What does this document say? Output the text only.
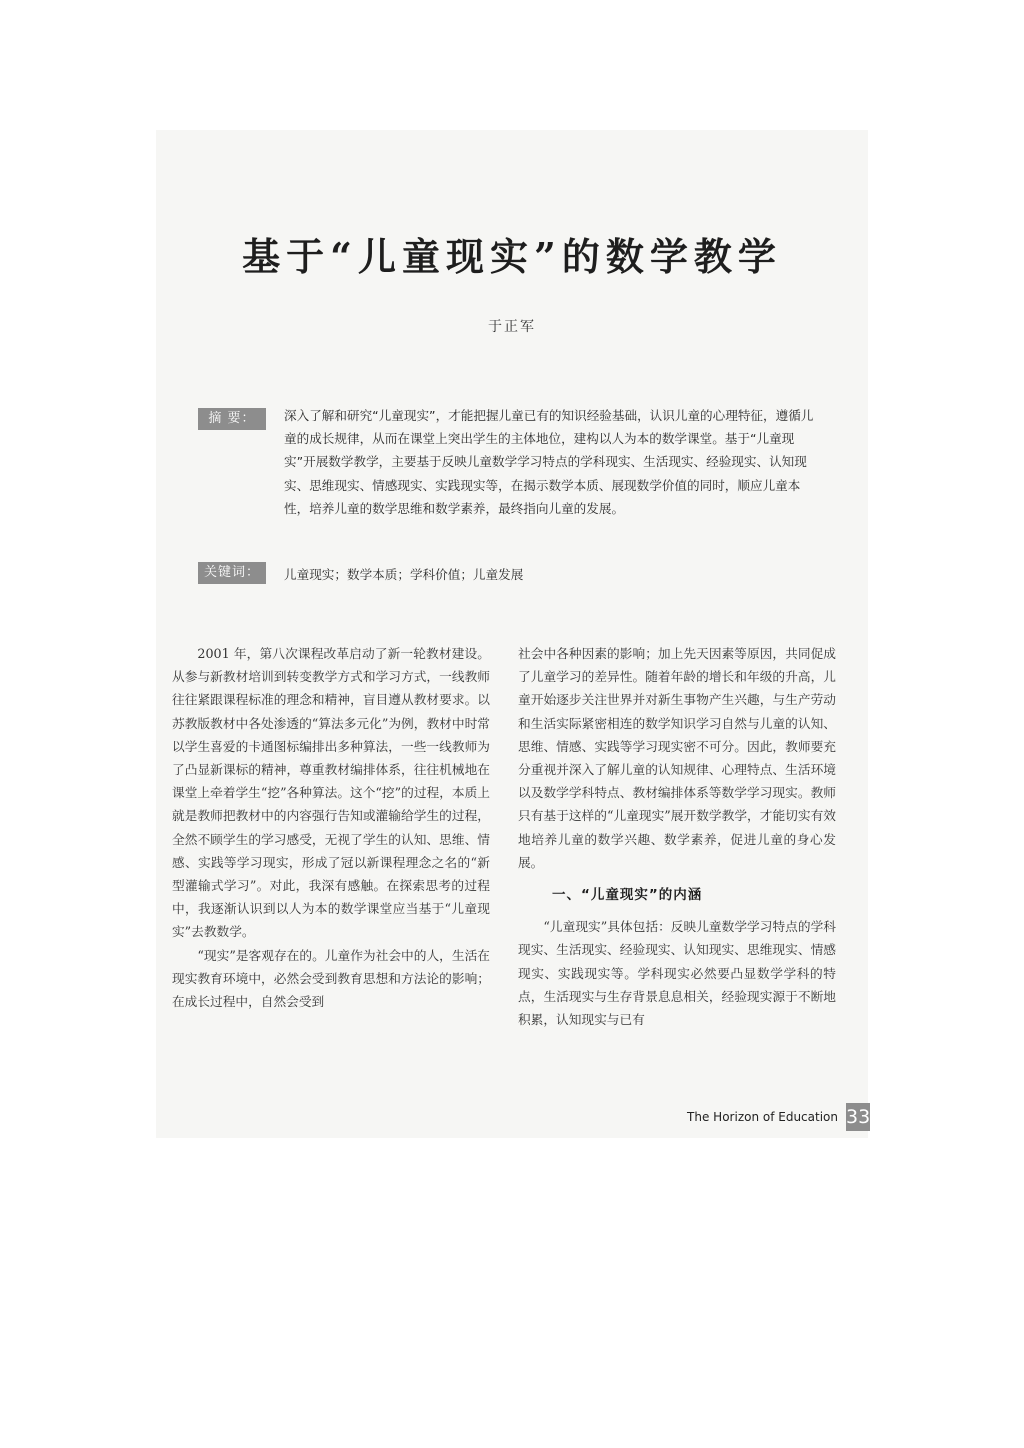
基于“儿童现实”的数学教学
于正军
摘 要：	深入了解和研究“儿童现实”，才能把握儿童已有的知识经验基础，认识儿童的心理特征，遵循儿童的成长规律，从而在课堂上突出学生的主体地位，建构以人为本的数学课堂。基于“儿童现实”开展数学教学，主要基于反映儿童数学学习特点的学科现实、生活现实、经验现实、认知现实、思维现实、情感现实、实践现实等，在揭示数学本质、展现数学价值的同时，顺应儿童本性，培养儿童的数学思维和数学素养，最终指向儿童的发展。
关键词：	儿童现实；数学本质；学科价值；儿童发展

2001 年，第八次课程改革启动了新一轮教材建设。从参与新教材培训到转变教学方式和学习方式，一线教师往往紧跟课程标准的理念和精神，盲目遵从教材要求。以苏教版教材中各处渗透的“算法多元化”为例，教材中时常以学生喜爱的卡通图标编排出多种算法，一些一线教师为了凸显新课标的精神，尊重教材编排体系，往往机械地在课堂上牵着学生“挖”各种算法。这个“挖”的过程，本质上就是教师把教材中的内容强行告知或灌输给学生的过程，全然不顾学生的学习感受，无视了学生的认知、思维、情感、实践等学习现实，形成了冠以新课程理念之名的“新型灌输式学习”。对此，我深有感触。在探索思考的过程中，我逐渐认识到以人为本的数学课堂应当基于“儿童现实”去教数学。

“现实”是客观存在的。儿童作为社会中的人，生活在现实教育环境中，必然会受到教育思想和方法论的影响；在成长过程中，自然会受到

社会中各种因素的影响；加上先天因素等原因，共同促成了儿童学习的差异性。随着年龄的增长和年级的升高，儿童开始逐步关注世界并对新生事物产生兴趣，与生产劳动和生活实际紧密相连的数学知识学习自然与儿童的认知、思维、情感、实践等学习现实密不可分。因此，教师要充分重视并深入了解儿童的认知规律、心理特点、生活环境以及数学学科特点、教材编排体系等数学学习现实。教师只有基于这样的“儿童现实”展开数学教学，才能切实有效地培养儿童的数学兴趣、数学素养，促进儿童的身心发展。

一、“儿童现实”的内涵

“儿童现实”具体包括：反映儿童数学学习特点的学科现实、生活现实、经验现实、认知现实、思维现实、情感现实、实践现实等。学科现实必然要凸显数学学科的特点，生活现实与生存背景息息相关，经验现实源于不断地积累，认知现实与已有

The Horizon of Education 33
